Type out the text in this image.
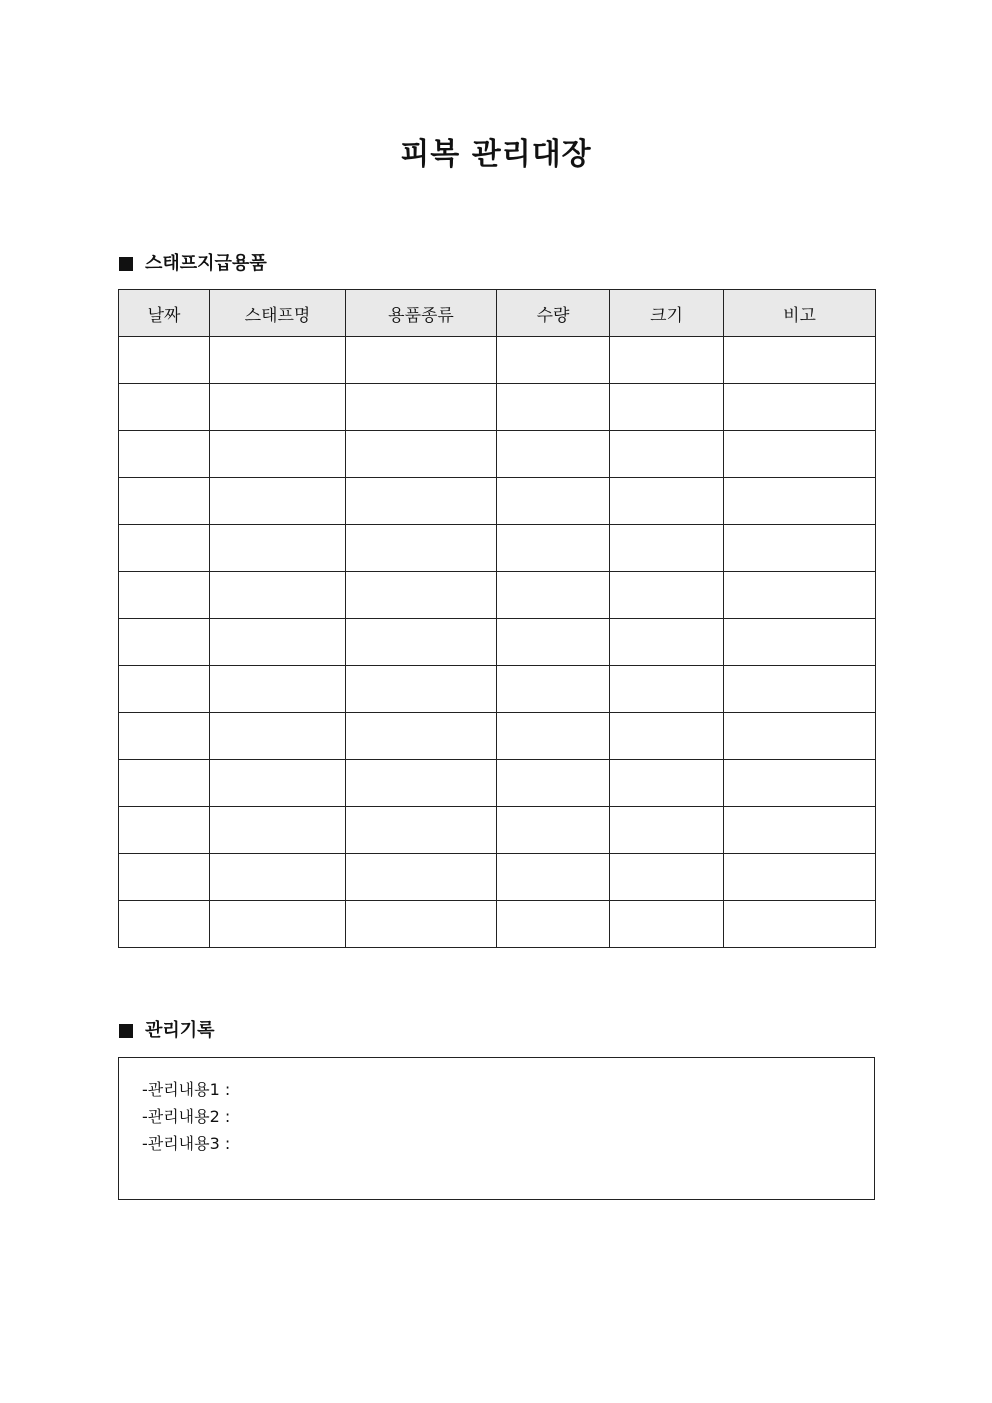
피복 관리대장
스태프지급용품
날짜	스태프명	용품종류	수량	크기	비고

관리기록
-관리내용1 :
-관리내용2 :
-관리내용3 :
